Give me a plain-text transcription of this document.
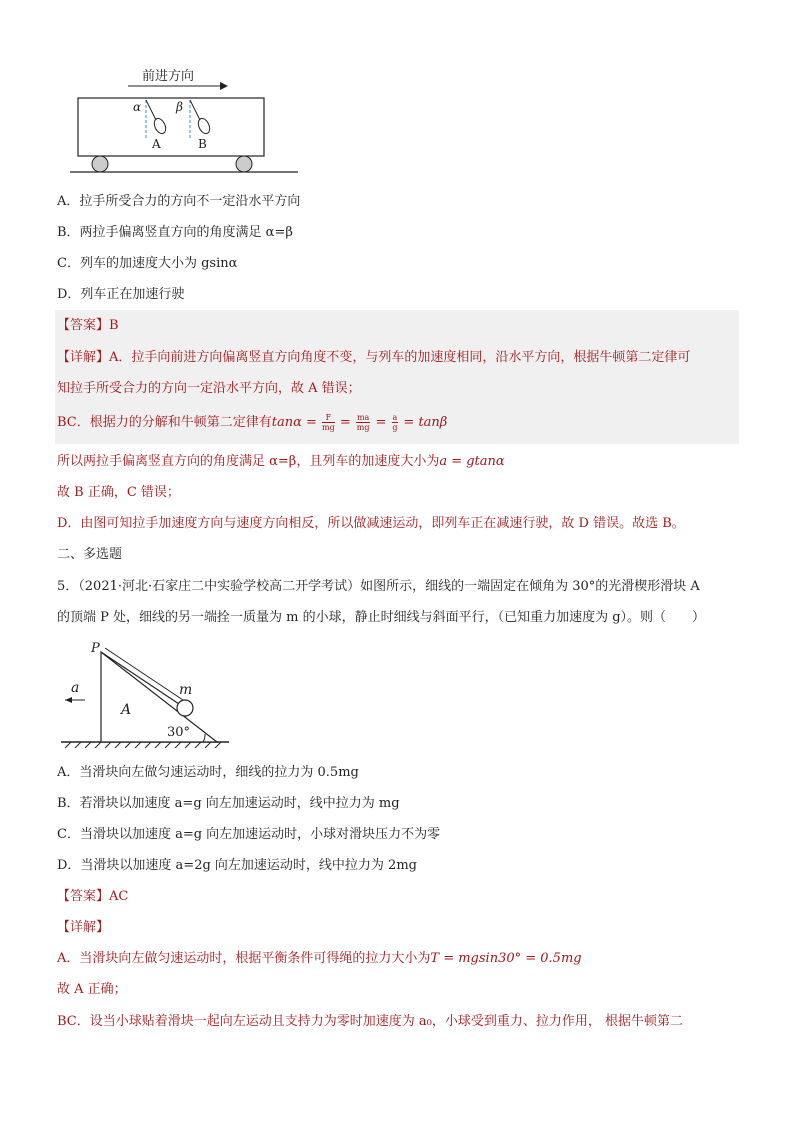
前进方向
α
A
β
B
A．拉手所受合力的方向不一定沿水平方向
B．两拉手偏离竖直方向的角度满足 α=β
C．列车的加速度大小为 gsinα
D．列车正在加速行驶
【答案】B
【详解】A．拉手向前进方向偏离竖直方向角度不变，与列车的加速度相同，沿水平方向，根据牛顿第二定律可
知拉手所受合力的方向一定沿水平方向，故 A 错误；
BC．根据力的分解和牛顿第二定律有$\tan\alpha = \frac{F}{mg} = \frac{ma}{mg} = \frac{a}{g} = \tan\beta$
所以两拉手偏离竖直方向的角度满足 α=β，且列车的加速度大小为a = gtanα
故 B 正确，C 错误；
D．由图可知拉手加速度方向与速度方向相反，所以做减速运动，即列车正在减速行驶，故 D 错误。故选 B。
二、多选题
5．（2021·河北·石家庄二中实验学校高二开学考试）如图所示，细线的一端固定在倾角为 30°的光滑楔形滑块 A
的顶端 P 处，细线的另一端拴一质量为 m 的小球，静止时细线与斜面平行，（已知重力加速度为 g）。则（　　）
P
a	m
A
30°
A．当滑块向左做匀速运动时，细线的拉力为 0.5mg
B．若滑块以加速度 a=g 向左加速运动时，线中拉力为 mg
C．当滑块以加速度 a=g 向左加速运动时，小球对滑块压力不为零
D．当滑块以加速度 a=2g 向左加速运动时，线中拉力为 2mg
【答案】AC
【详解】
A．当滑块向左做匀速运动时，根据平衡条件可得绳的拉力大小为T = mgsin30° = 0.5mg
故 A 正确；
BC．设当小球贴着滑块一起向左运动且支持力为零时加速度为 a₀，小球受到重力、拉力作用， 根据牛顿第二
